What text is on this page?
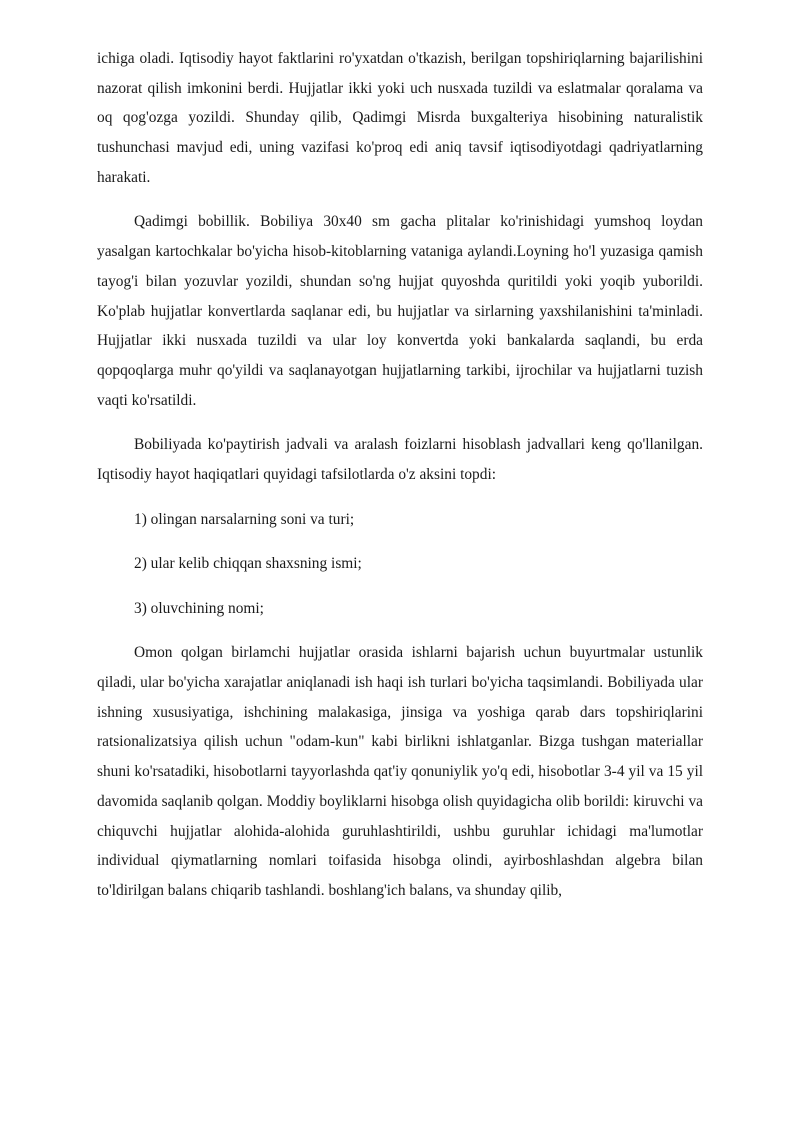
ichiga oladi. Iqtisodiy hayot faktlarini ro'yxatdan o'tkazish, berilgan topshiriqlarning bajarilishini nazorat qilish imkonini berdi. Hujjatlar ikki yoki uch nusxada tuzildi va eslatmalar qoralama va oq qog'ozga yozildi. Shunday qilib, Qadimgi Misrda buxgalteriya hisobining naturalistik tushunchasi mavjud edi, uning vazifasi ko'proq edi aniq tavsif iqtisodiyotdagi qadriyatlarning harakati.

Qadimgi bobillik. Bobiliya 30x40 sm gacha plitalar ko'rinishidagi yumshoq loydan yasalgan kartochkalar bo'yicha hisob-kitoblarning vataniga aylandi.Loyning ho'l yuzasiga qamish tayog'i bilan yozuvlar yozildi, shundan so'ng hujjat quyoshda quritildi yoki yoqib yuborildi. Ko'plab hujjatlar konvertlarda saqlanar edi, bu hujjatlar va sirlarning yaxshilanishini ta'minladi. Hujjatlar ikki nusxada tuzildi va ular loy konvertda yoki bankalarda saqlandi, bu erda qopqoqlarga muhr qo'yildi va saqlanayotgan hujjatlarning tarkibi, ijrochilar va hujjatlarni tuzish vaqti ko'rsatildi.

Bobiliyada ko'paytirish jadvali va aralash foizlarni hisoblash jadvallari keng qo'llanilgan. Iqtisodiy hayot haqiqatlari quyidagi tafsilotlarda o'z aksini topdi:

1) olingan narsalarning soni va turi;

2) ular kelib chiqqan shaxsning ismi;

3) oluvchining nomi;

Omon qolgan birlamchi hujjatlar orasida ishlarni bajarish uchun buyurtmalar ustunlik qiladi, ular bo'yicha xarajatlar aniqlanadi ish haqi ish turlari bo'yicha taqsimlandi. Bobiliyada ular ishning xususiyatiga, ishchining malakasiga, jinsiga va yoshiga qarab dars topshiriqlarini ratsionalizatsiya qilish uchun "odam-kun" kabi birlikni ishlatganlar. Bizga tushgan materiallar shuni ko'rsatadiki, hisobotlarni tayyorlashda qat'iy qonuniylik yo'q edi, hisobotlar 3-4 yil va 15 yil davomida saqlanib qolgan. Moddiy boyliklarni hisobga olish quyidagicha olib borildi: kiruvchi va chiquvchi hujjatlar alohida-alohida guruhlashtirildi, ushbu guruhlar ichidagi ma'lumotlar individual qiymatlarning nomlari toifasida hisobga olindi, ayirboshlashdan algebra bilan to'ldirilgan balans chiqarib tashlandi. boshlang'ich balans, va shunday qilib,
